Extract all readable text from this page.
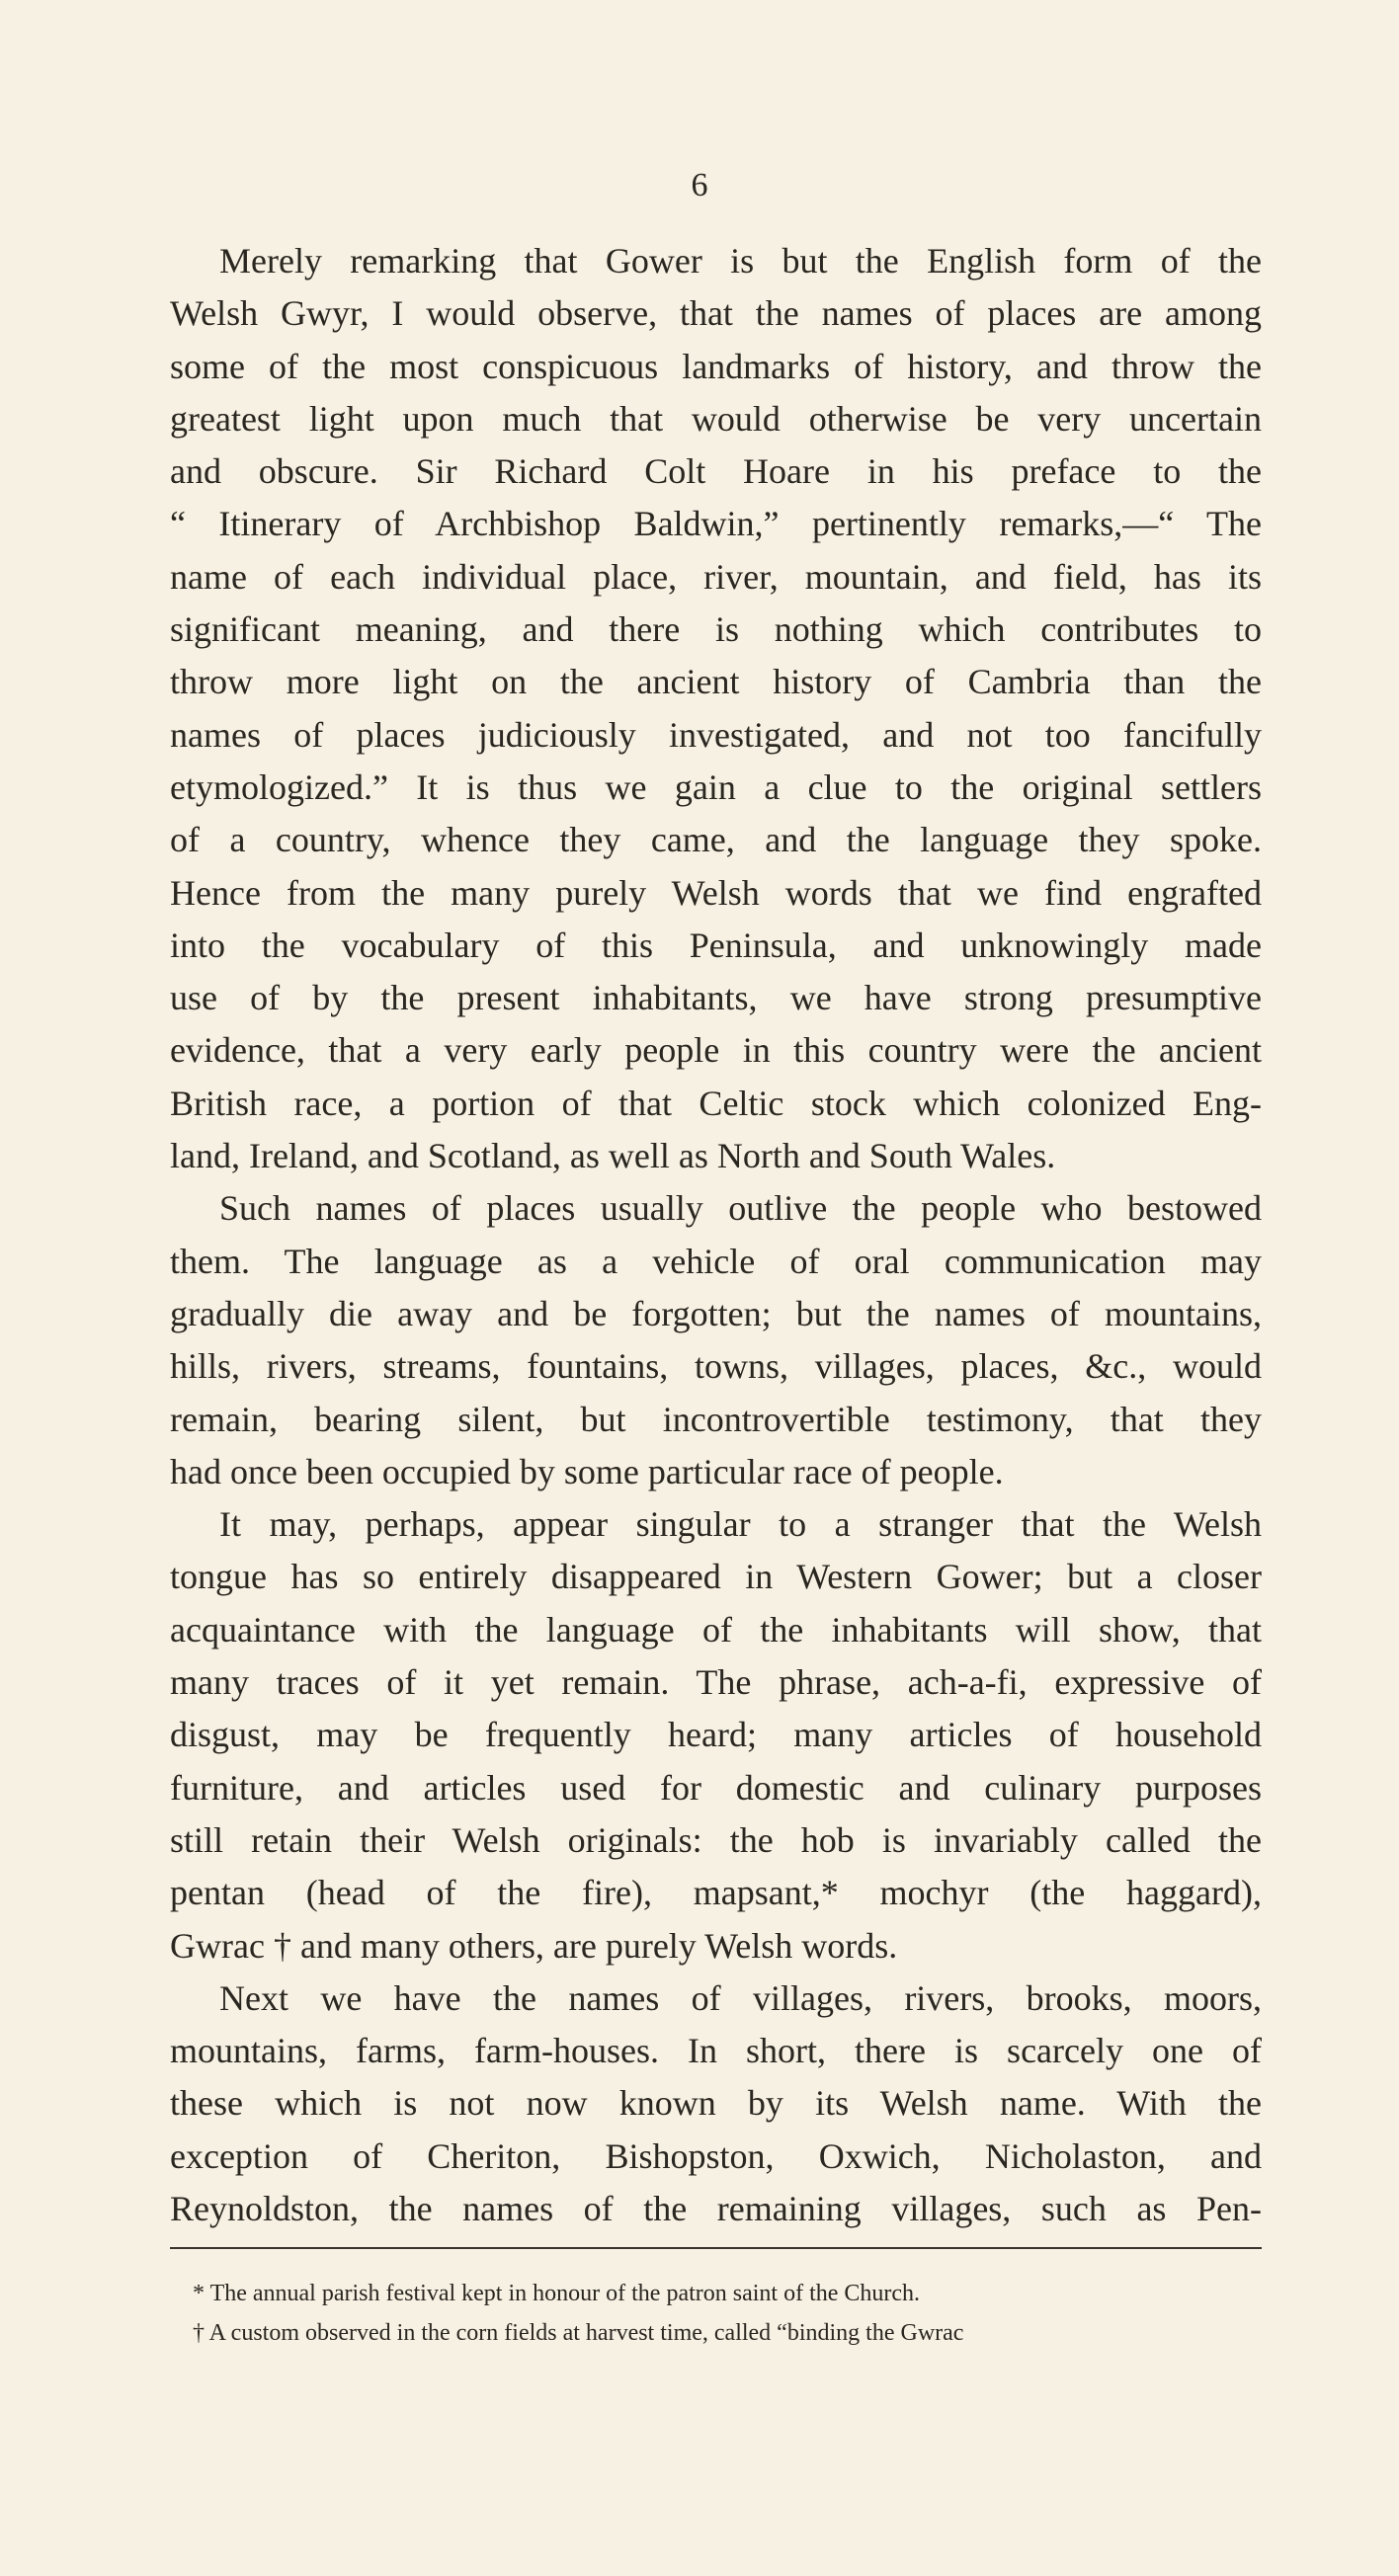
6
Merely remarking that Gower is but the English form of the
Welsh Gwyr, I would observe, that the names of places are among
some of the most conspicuous landmarks of history, and throw the
greatest light upon much that would otherwise be very uncertain
and obscure. Sir Richard Colt Hoare in his preface to the
“ Itinerary of Archbishop Baldwin,” pertinently remarks,—“ The
name of each individual place, river, mountain, and field, has its
significant meaning, and there is nothing which contributes to
throw more light on the ancient history of Cambria than the
names of places judiciously investigated, and not too fancifully
etymologized.” It is thus we gain a clue to the original settlers
of a country, whence they came, and the language they spoke.
Hence from the many purely Welsh words that we find engrafted
into the vocabulary of this Peninsula, and unknowingly made
use of by the present inhabitants, we have strong presumptive
evidence, that a very early people in this country were the ancient
British race, a portion of that Celtic stock which colonized Eng-
land, Ireland, and Scotland, as well as North and South Wales.
Such names of places usually outlive the people who bestowed
them. The language as a vehicle of oral communication may
gradually die away and be forgotten; but the names of mountains,
hills, rivers, streams, fountains, towns, villages, places, &c., would
remain, bearing silent, but incontrovertible testimony, that they
had once been occupied by some particular race of people.
It may, perhaps, appear singular to a stranger that the Welsh
tongue has so entirely disappeared in Western Gower; but a closer
acquaintance with the language of the inhabitants will show, that
many traces of it yet remain. The phrase, ach-a-fi, expressive of
disgust, may be frequently heard; many articles of household
furniture, and articles used for domestic and culinary purposes
still retain their Welsh originals: the hob is invariably called the
pentan (head of the fire), mapsant,* mochyr (the haggard),
Gwrac † and many others, are purely Welsh words.
Next we have the names of villages, rivers, brooks, moors,
mountains, farms, farm-houses. In short, there is scarcely one of
these which is not now known by its Welsh name. With the
exception of Cheriton, Bishopston, Oxwich, Nicholaston, and
Reynoldston, the names of the remaining villages, such as Pen-
* The annual parish festival kept in honour of the patron saint of the Church.
† A custom observed in the corn fields at harvest time, called “binding the Gwrac
